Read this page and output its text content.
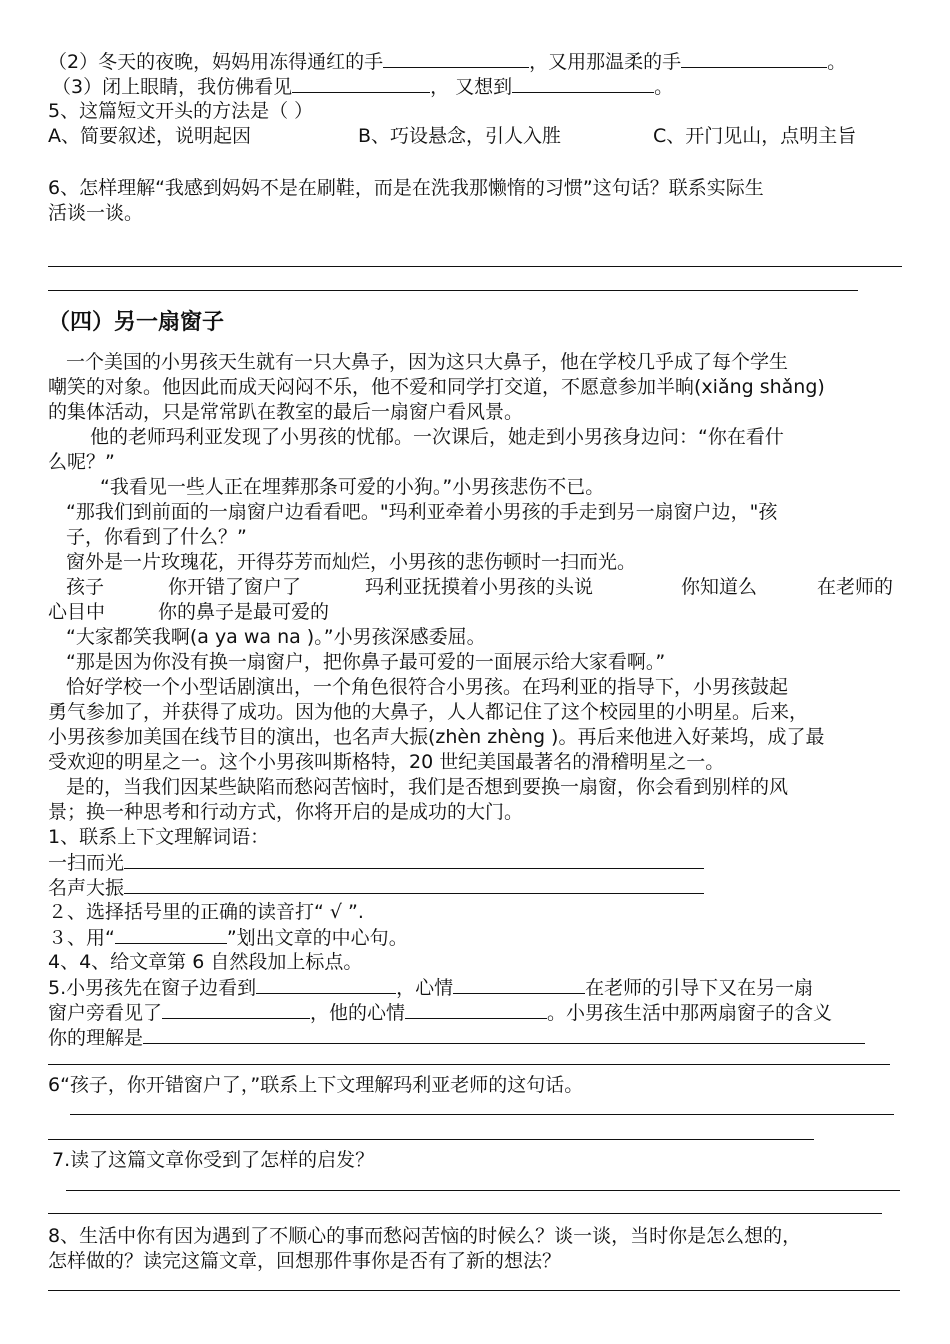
（2）冬天的夜晚，妈妈用冻得通红的手	，又用那温柔的手	。
（3）闭上眼睛，我仿佛看见	， 又想到	。
5、这篇短文开头的方法是（ ）
A、简要叙述，说明起因	B、巧设悬念，引人入胜	C、开门见山，点明主旨
6、怎样理解“我感到妈妈不是在刷鞋，而是在洗我那懒惰的习惯”这句话？联系实际生
活谈一谈。
（四）另一扇窗子
一个美国的小男孩天生就有一只大鼻子，因为这只大鼻子，他在学校几乎成了每个学生
嘲笑的对象。他因此而成天闷闷不乐，他不爱和同学打交道，不愿意参加半晌(xiǎng shǎng)
的集体活动，只是常常趴在教室的最后一扇窗户看风景。
他的老师玛利亚发现了小男孩的忧郁。一次课后，她走到小男孩身边问：“你在看什
么呢？”
“我看见一些人正在埋葬那条可爱的小狗。”小男孩悲伤不已。
“那我们到前面的一扇窗户边看看吧。"玛利亚牵着小男孩的手走到另一扇窗户边，"孩
子，你看到了什么？”
窗外是一片玫瑰花，开得芬芳而灿烂，小男孩的悲伤顿时一扫而光。
孩子	你开错了窗户了	玛利亚抚摸着小男孩的头说	你知道么	在老师的
心目中	你的鼻子是最可爱的
“大家都笑我啊(a ya wa na )。”小男孩深感委屈。
“那是因为你没有换一扇窗户，把你鼻子最可爱的一面展示给大家看啊。”
恰好学校一个小型话剧演出，一个角色很符合小男孩。在玛利亚的指导下，小男孩鼓起
勇气参加了，并获得了成功。因为他的大鼻子，人人都记住了这个校园里的小明星。后来，
小男孩参加美国在线节目的演出，也名声大振(zhèn zhèng )。再后来他进入好莱坞，成了最
受欢迎的明星之一。这个小男孩叫斯格特，20 世纪美国最著名的滑稽明星之一。
是的，当我们因某些缺陷而愁闷苦恼时，我们是否想到要换一扇窗，你会看到别样的风
景；换一种思考和行动方式，你将开启的是成功的大门。
1、联系上下文理解词语：
一扫而光
名声大振
２、选择括号里的正确的读音打“ √ ”.
３、用“	”划出文章的中心句。
4、4、给文章第 6 自然段加上标点。
5.小男孩先在窗子边看到	，心情	在老师的引导下又在另一扇
窗户旁看见了	，他的心情	。小男孩生活中那两扇窗子的含义
你的理解是
6“孩子，你开错窗户了，”联系上下文理解玛利亚老师的这句话。
7.读了这篇文章你受到了怎样的启发？
8、生活中你有因为遇到了不顺心的事而愁闷苦恼的时候么？谈一谈，当时你是怎么想的，
怎样做的？读完这篇文章，回想那件事你是否有了新的想法？
